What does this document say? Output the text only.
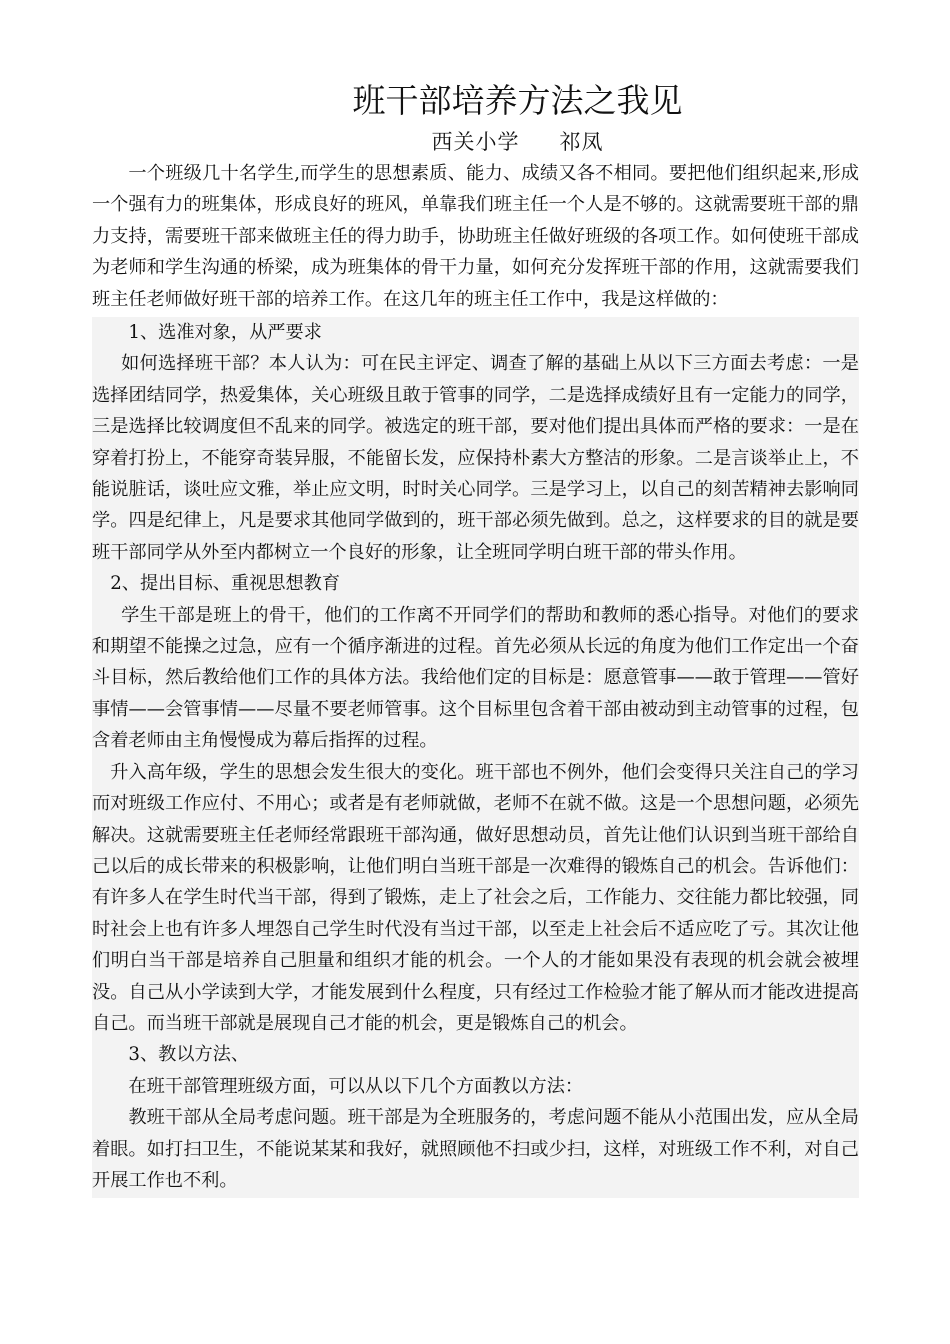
班干部培养方法之我见
西关小学 祁凤

一个班级几十名学生,而学生的思想素质、能力、成绩又各不相同。要把他们组织起来,形成一个强有力的班集体，形成良好的班风，单靠我们班主任一个人是不够的。这就需要班干部的鼎力支持，需要班干部来做班主任的得力助手，协助班主任做好班级的各项工作。如何使班干部成为老师和学生沟通的桥梁，成为班集体的骨干力量，如何充分发挥班干部的作用，这就需要我们班主任老师做好班干部的培养工作。在这几年的班主任工作中，我是这样做的：

1、选准对象，从严要求

如何选择班干部？本人认为：可在民主评定、调查了解的基础上从以下三方面去考虑：一是选择团结同学，热爱集体，关心班级且敢于管事的同学，二是选择成绩好且有一定能力的同学，三是选择比较调度但不乱来的同学。被选定的班干部，要对他们提出具体而严格的要求：一是在穿着打扮上，不能穿奇装异服，不能留长发，应保持朴素大方整洁的形象。二是言谈举止上，不能说脏话，谈吐应文雅，举止应文明，时时关心同学。三是学习上，以自己的刻苦精神去影响同学。四是纪律上，凡是要求其他同学做到的，班干部必须先做到。总之，这样要求的目的就是要班干部同学从外至内都树立一个良好的形象，让全班同学明白班干部的带头作用。

2、提出目标、重视思想教育

学生干部是班上的骨干，他们的工作离不开同学们的帮助和教师的悉心指导。对他们的要求和期望不能操之过急，应有一个循序渐进的过程。首先必须从长远的角度为他们工作定出一个奋斗目标，然后教给他们工作的具体方法。我给他们定的目标是：愿意管事——敢于管理——管好事情——会管事情——尽量不要老师管事。这个目标里包含着干部由被动到主动管事的过程，包含着老师由主角慢慢成为幕后指挥的过程。

升入高年级，学生的思想会发生很大的变化。班干部也不例外，他们会变得只关注自己的学习而对班级工作应付、不用心；或者是有老师就做，老师不在就不做。这是一个思想问题，必须先解决。这就需要班主任老师经常跟班干部沟通，做好思想动员，首先让他们认识到当班干部给自己以后的成长带来的积极影响，让他们明白当班干部是一次难得的锻炼自己的机会。告诉他们：有许多人在学生时代当干部，得到了锻炼，走上了社会之后，工作能力、交往能力都比较强，同时社会上也有许多人埋怨自己学生时代没有当过干部，以至走上社会后不适应吃了亏。其次让他们明白当干部是培养自己胆量和组织才能的机会。一个人的才能如果没有表现的机会就会被埋没。自己从小学读到大学，才能发展到什么程度，只有经过工作检验才能了解从而才能改进提高自己。而当班干部就是展现自己才能的机会，更是锻炼自己的机会。

3、教以方法、

在班干部管理班级方面，可以从以下几个方面教以方法：

教班干部从全局考虑问题。班干部是为全班服务的，考虑问题不能从小范围出发，应从全局着眼。如打扫卫生，不能说某某和我好，就照顾他不扫或少扫，这样，对班级工作不利，对自己开展工作也不利。
